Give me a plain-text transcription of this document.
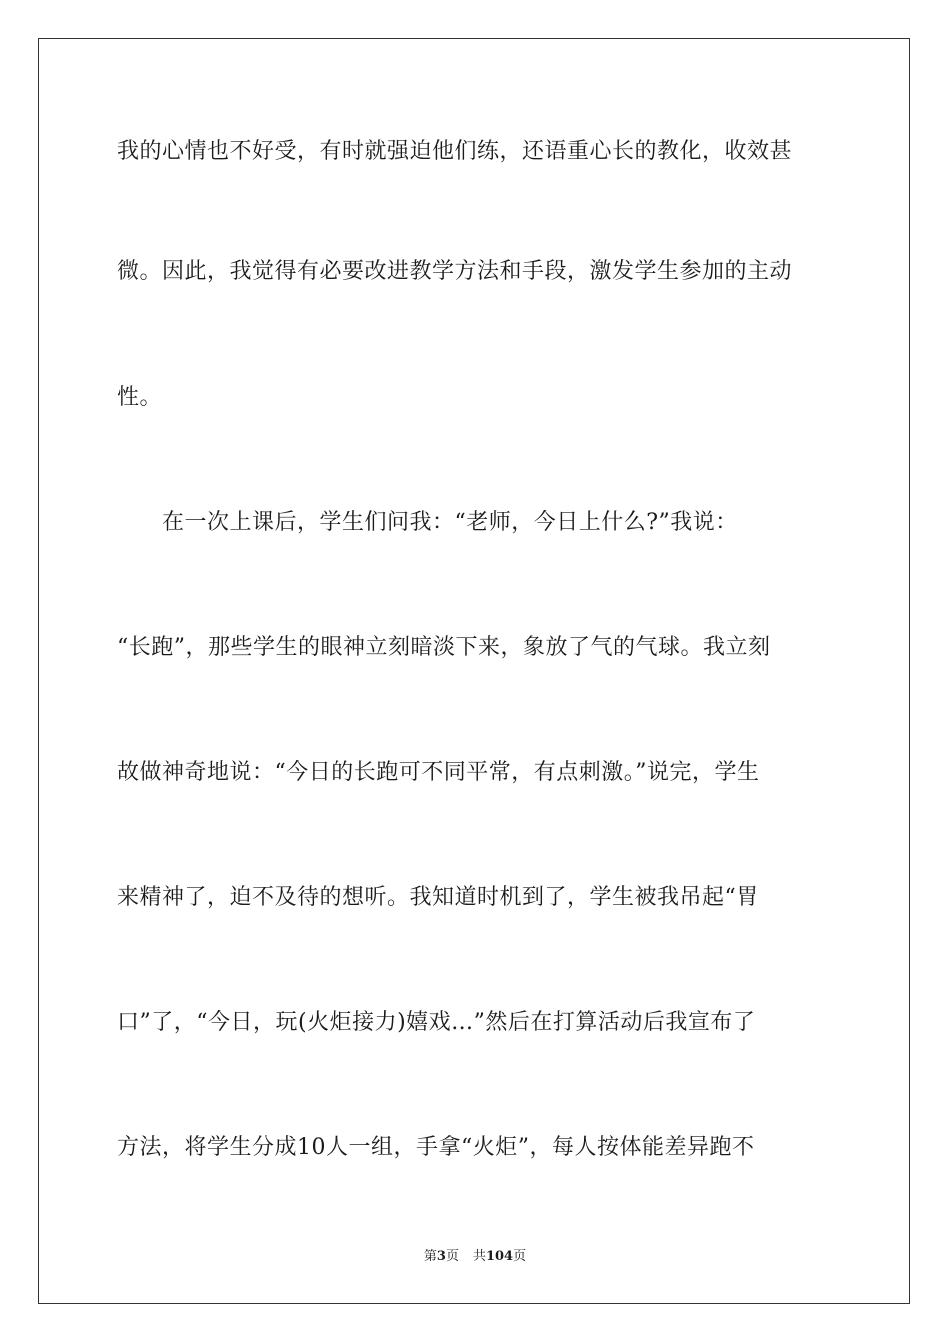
我的心情也不好受，有时就强迫他们练，还语重心长的教化，收效甚
微。因此，我觉得有必要改进教学方法和手段，激发学生参加的主动
性。
　　在一次上课后，学生们问我：“老师，今日上什么?”我说：
“长跑”，那些学生的眼神立刻暗淡下来，象放了气的气球。我立刻
故做神奇地说：“今日的长跑可不同平常，有点刺激。”说完，学生
来精神了，迫不及待的想听。我知道时机到了，学生被我吊起“胃
口”了，“今日，玩(火炬接力)嬉戏…”然后在打算活动后我宣布了
方法，将学生分成10人一组，手拿“火炬”，每人按体能差异跑不
第3页 共104页
